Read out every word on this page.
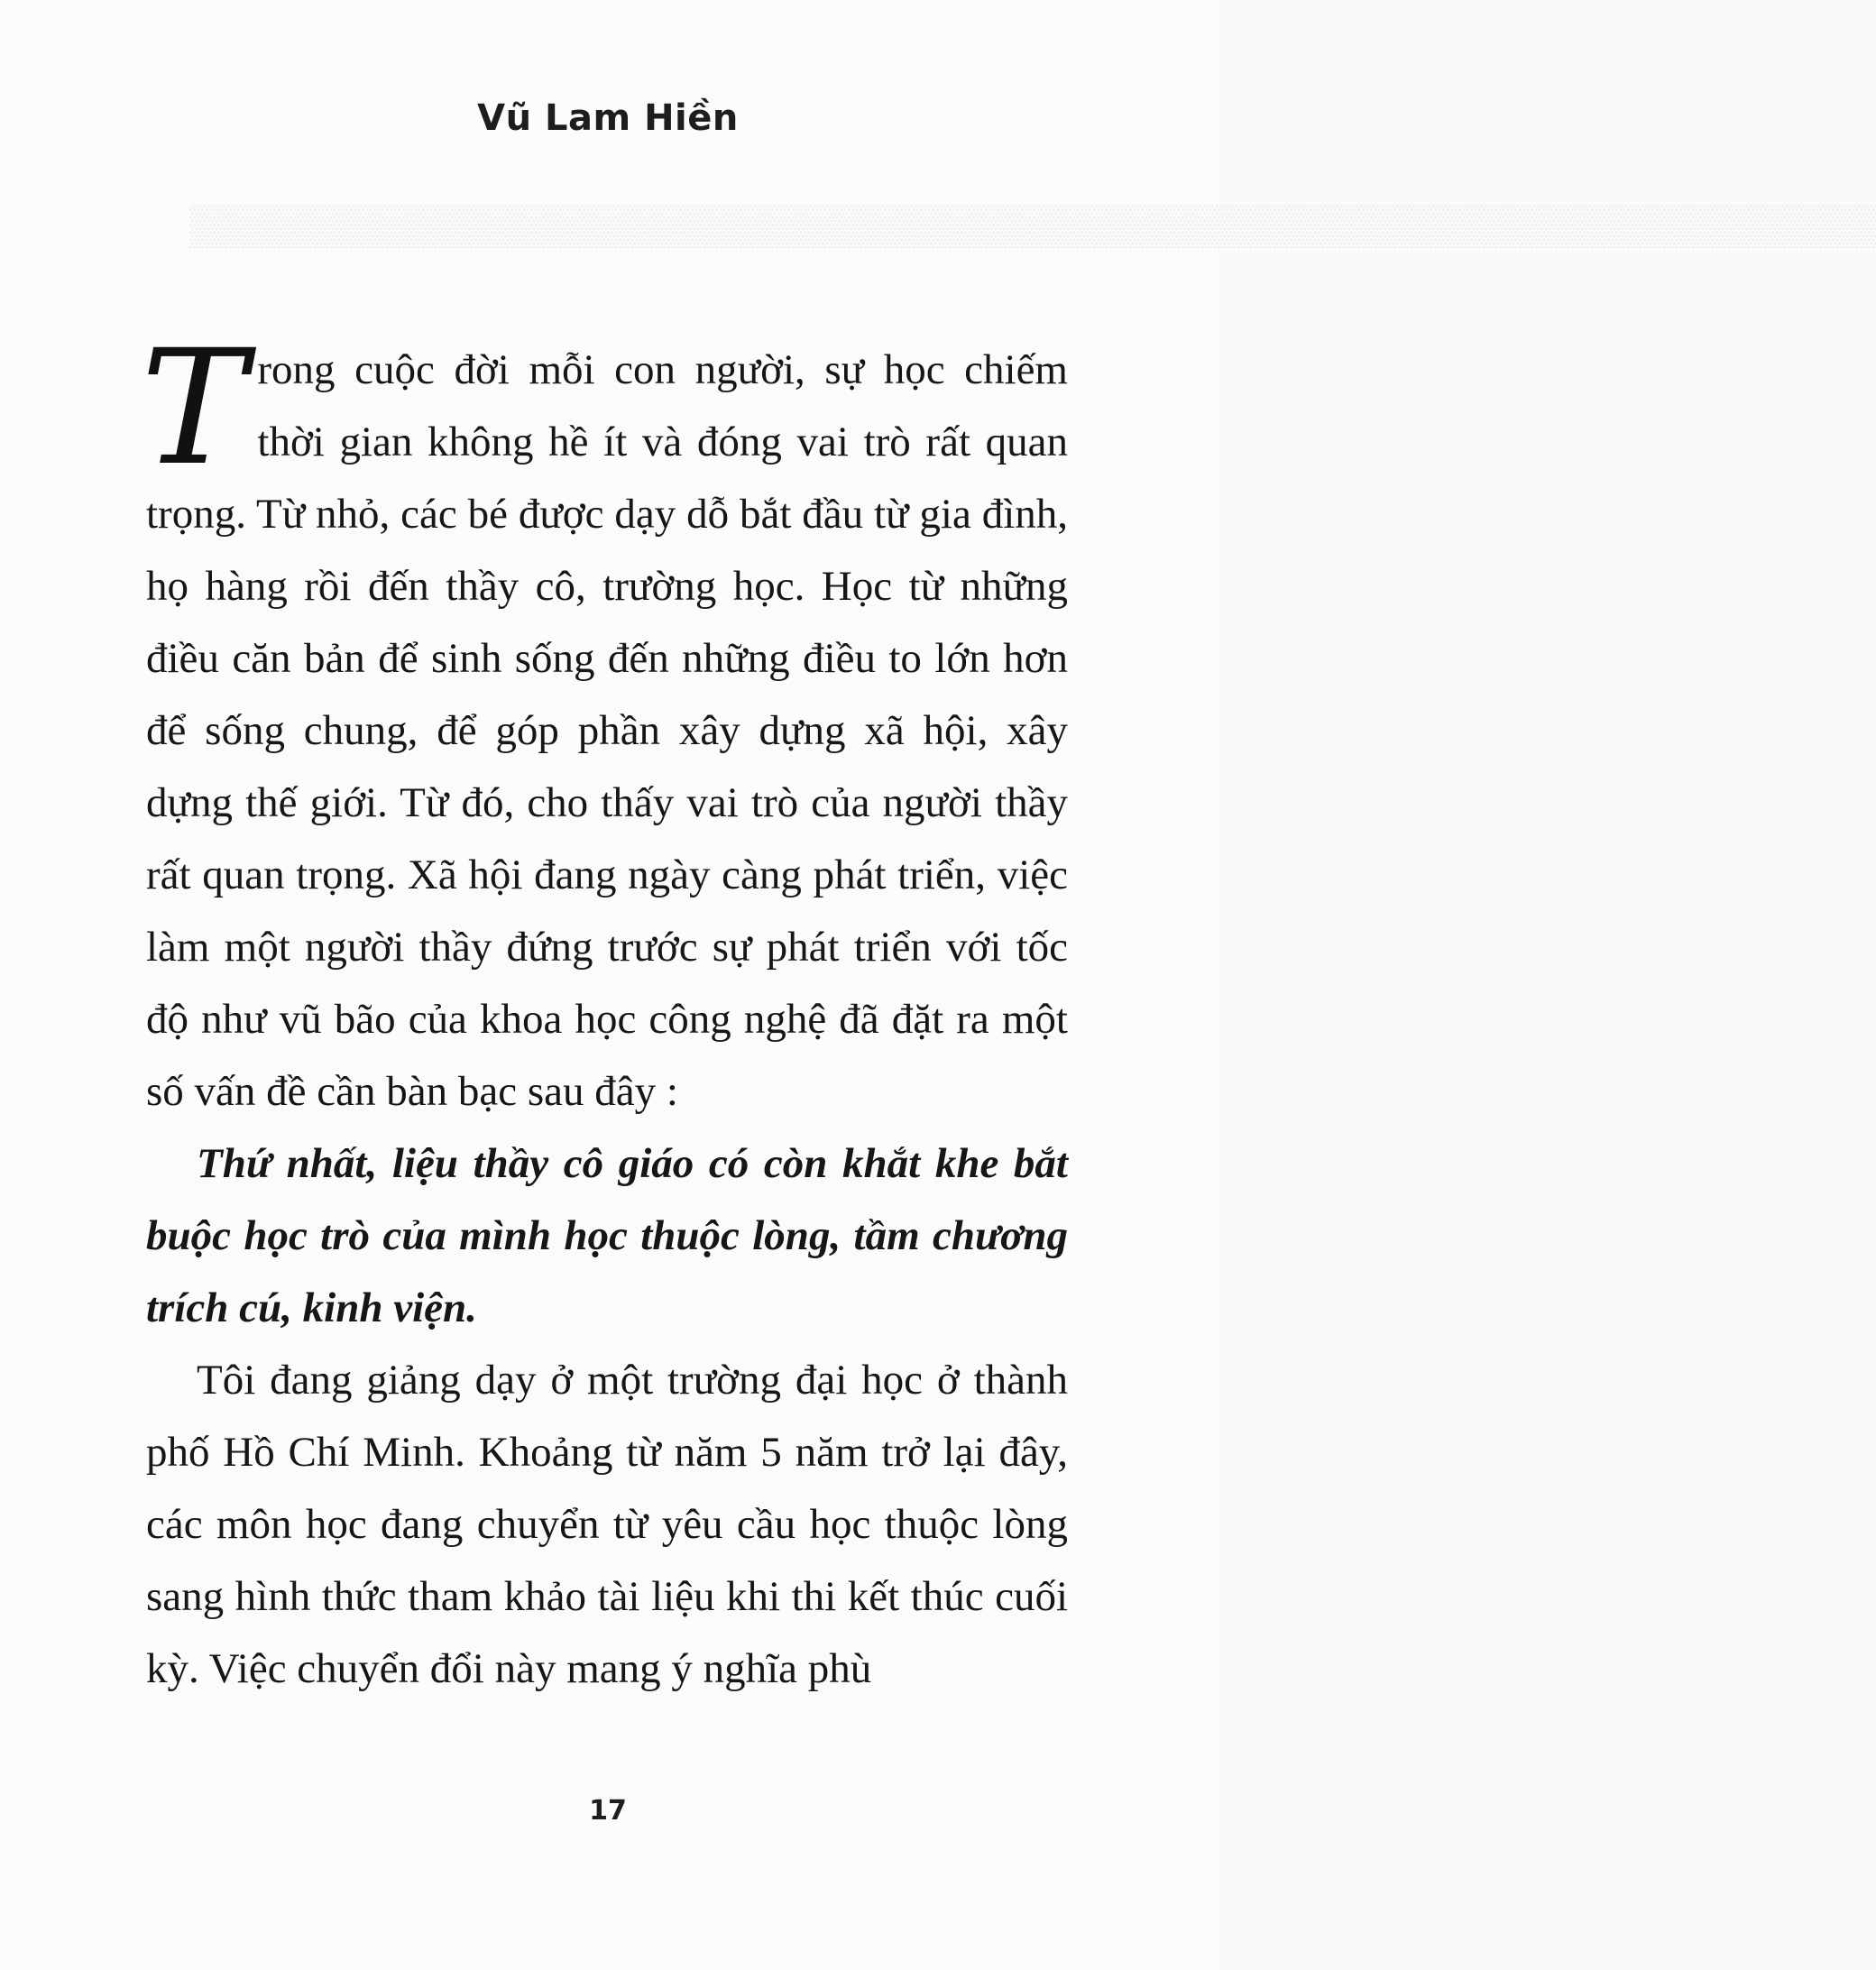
▒▒▒▒▒▒▒▒▒▒▒▒▒▒▒▒▒▒▒▒▒▒▒▒▒▒▒▒▒▒▒▒▒▒▒▒▒▒▒▒▒▒▒▒▒▒▒▒▒▒▒▒▒▒▒▒▒▒▒▒
Vũ Lam Hiền

Trong cuộc đời mỗi con người, sự học chiếm thời gian không hề ít và đóng vai trò rất quan trọng. Từ nhỏ, các bé được dạy dỗ bắt đầu từ gia đình, họ hàng rồi đến thầy cô, trường học. Học từ những điều căn bản để sinh sống đến những điều to lớn hơn để sống chung, để góp phần xây dựng xã hội, xây dựng thế giới. Từ đó, cho thấy vai trò của người thầy rất quan trọng. Xã hội đang ngày càng phát triển, việc làm một người thầy đứng trước sự phát triển với tốc độ như vũ bão của khoa học công nghệ đã đặt ra một số vấn đề cần bàn bạc sau đây :

Thứ nhất, liệu thầy cô giáo có còn khắt khe bắt buộc học trò của mình học thuộc lòng, tầm chương trích cú, kinh viện.

Tôi đang giảng dạy ở một trường đại học ở thành phố Hồ Chí Minh. Khoảng từ năm 5 năm trở lại đây, các môn học đang chuyển từ yêu cầu học thuộc lòng sang hình thức tham khảo tài liệu khi thi kết thúc cuối kỳ. Việc chuyển đổi này mang ý nghĩa phù

17
